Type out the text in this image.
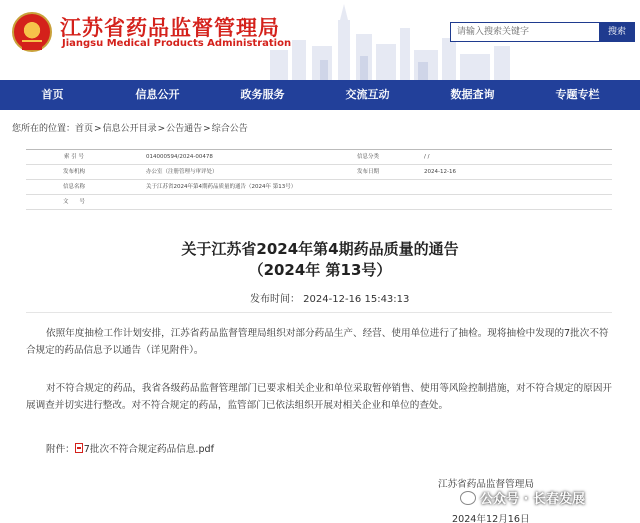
江苏省药品监督管理局
Jiangsu Medical Products Administration
请输入搜索关键字	搜索
首页	信息公开	政务服务	交流互动	数据查询	专题专栏
您所在的位置：首页>信息公开目录>公告通告>综合公告
索 引 号	014000594/2024-00478	信息分类	/ /
发布机构	办公室（注册管理与审评处）	发布日期	2024-12-16
信息名称	关于江苏省2024年第4期药品质量的通告（2024年 第13号）
文　　号
关于江苏省2024年第4期药品质量的通告
（2024年 第13号）
发布时间： 2024-12-16 15:43:13
依照年度抽检工作计划安排，江苏省药品监督管理局组织对部分药品生产、经营、使用单位进行了抽检。现将抽检中发现的7批次不符合规定的药品信息予以通告（详见附件）。
对不符合规定的药品，我省各级药品监督管理部门已要求相关企业和单位采取暂停销售、使用等风险控制措施，对不符合规定的原因开展调查并切实进行整改。对不符合规定的药品，监管部门已依法组织开展对相关企业和单位的查处。
附件： 7批次不符合规定药品信息.pdf
江苏省药品监督管理局
公众号 · 长春发展
2024年12月16日
